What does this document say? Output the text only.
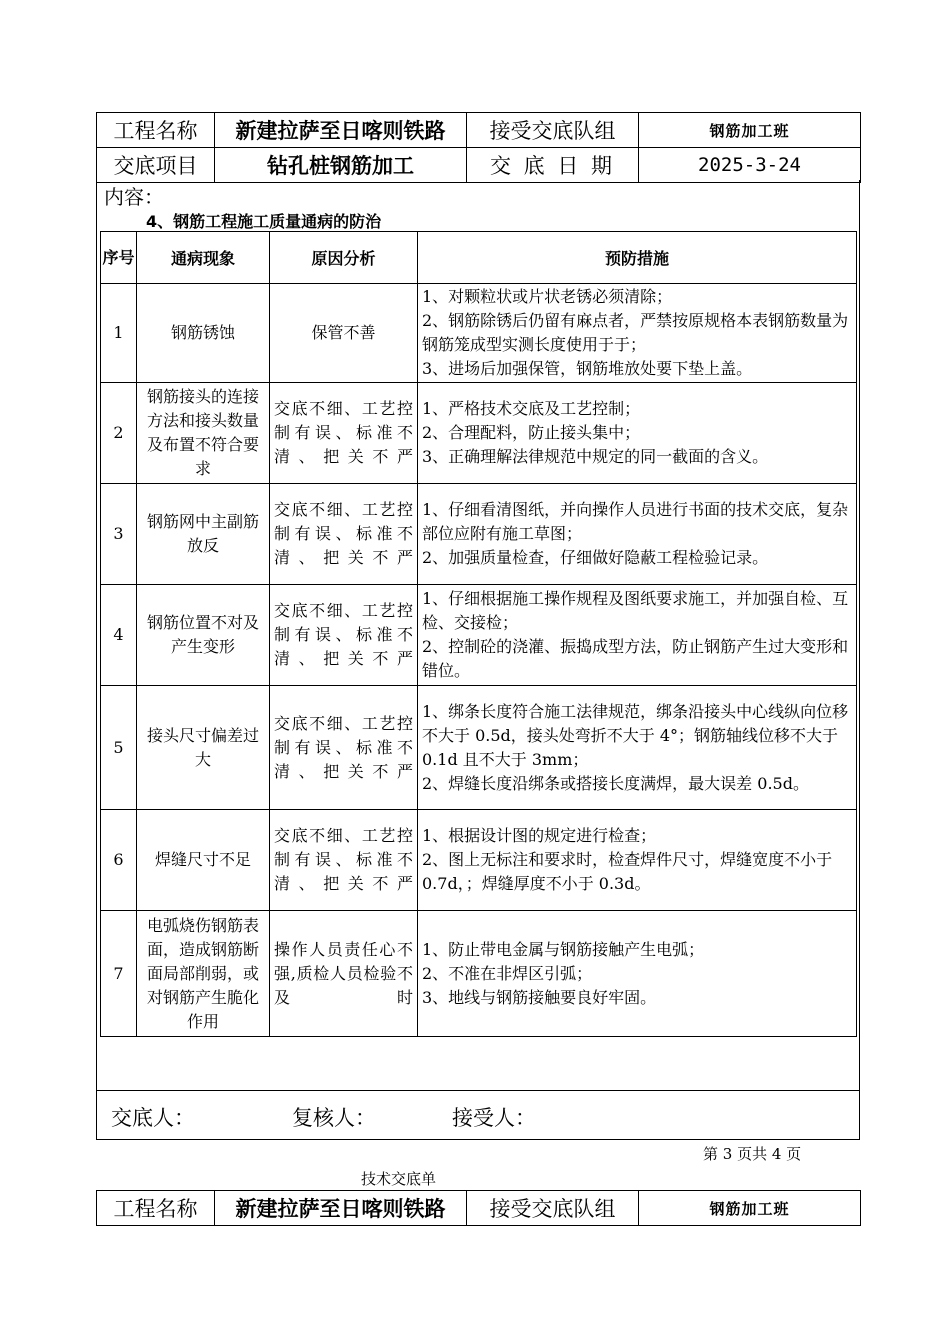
工程名称	新建拉萨至日喀则铁路	接受交底队组	钢筋加工班
交底项目	钻孔桩钢筋加工	交 底 日 期	2025-3-24
内容：
4、钢筋工程施工质量通病的防治
序号	通病现象	原因分析	预防措施
1	钢筋锈蚀	保管不善	1、对颗粒状或片状老锈必须清除；
2、钢筋除锈后仍留有麻点者，严禁按原规格本表钢筋数量为钢筋笼成型实测长度使用于于；
3、进场后加强保管，钢筋堆放处要下垫上盖。

2	钢筋接头的连接方法和接头数量及布置不符合要求	交底不细、工艺控制有误、标准不清、把关不严	1、严格技术交底及工艺控制；
2、合理配料，防止接头集中；
3、正确理解法律规范中规定的同一截面的含义。

3	钢筋网中主副筋放反	交底不细、工艺控制有误、标准不清、把关不严	1、仔细看清图纸，并向操作人员进行书面的技术交底，复杂部位应附有施工草图；
2、加强质量检查，仔细做好隐蔽工程检验记录。

4	钢筋位置不对及产生变形	交底不细、工艺控制有误、标准不清、把关不严	1、仔细根据施工操作规程及图纸要求施工，并加强自检、互检、交接检；
2、控制砼的浇灌、振捣成型方法，防止钢筋产生过大变形和错位。

5	接头尺寸偏差过大	交底不细、工艺控制有误、标准不清、把关不严	1、绑条长度符合施工法律规范，绑条沿接头中心线纵向位移不大于 0.5d，接头处弯折不大于 4°；钢筋轴线位移不大于 0.1d 且不大于 3mm；
2、焊缝长度沿绑条或搭接长度满焊，最大误差 0.5d。

6	焊缝尺寸不足	交底不细、工艺控制有误、标准不清、把关不严	1、根据设计图的规定进行检查；
2、图上无标注和要求时，检查焊件尺寸，焊缝宽度不小于 0.7d，；焊缝厚度不小于 0.3d。

7	电弧烧伤钢筋表面，造成钢筋断面局部削弱，或对钢筋产生脆化作用	操作人员责任心不强,质检人员检验不及时	1、防止带电金属与钢筋接触产生电弧；
2、不准在非焊区引弧；
3、地线与钢筋接触要良好牢固。
交底人：	复核人：	接受人：
第 3 页共 4 页
技术交底单
工程名称	新建拉萨至日喀则铁路	接受交底队组	钢筋加工班
